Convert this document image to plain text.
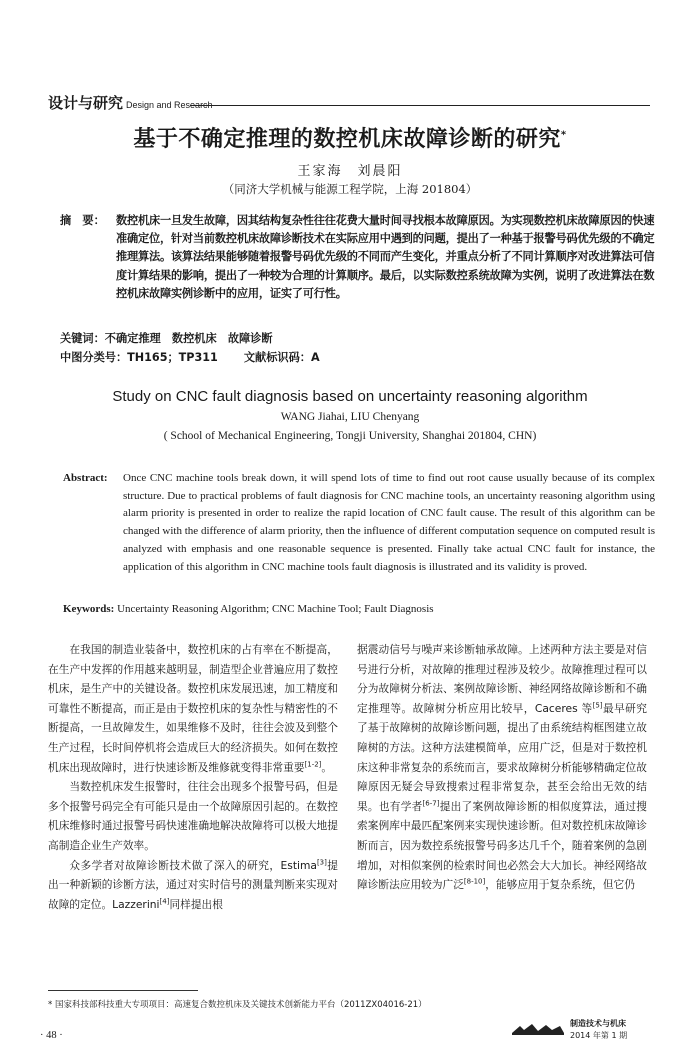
设计与研究 Design and Research
基于不确定推理的数控机床故障诊断的研究*
王家海　刘晨阳
（同济大学机械与能源工程学院，上海 201804）
摘　要：	数控机床一旦发生故障，因其结构复杂性往往花费大量时间寻找根本故障原因。为实现数控机床故障原因的快速准确定位，针对当前数控机床故障诊断技术在实际应用中遇到的问题，提出了一种基于报警号码优先级的不确定推理算法。该算法结果能够随着报警号码优先级的不同而产生变化，并重点分析了不同计算顺序对改进算法可信度计算结果的影响，提出了一种较为合理的计算顺序。最后，以实际数控系统故障为实例，说明了改进算法在数控机床故障实例诊断中的应用，证实了可行性。
关键词：不确定推理　数控机床　故障诊断
中图分类号：TH165；TP311 文献标识码：A
Study on CNC fault diagnosis based on uncertainty reasoning algorithm
WANG Jiahai, LIU Chenyang
( School of Mechanical Engineering, Tongji University, Shanghai 201804, CHN)
Abstract:	Once CNC machine tools break down, it will spend lots of time to find out root cause usually because of its complex structure. Due to practical problems of fault diagnosis for CNC machine tools, an uncertainty reasoning algorithm using alarm priority is presented in order to realize the rapid location of CNC fault cause. The result of this algorithm can be changed with the difference of alarm priority, then the influence of different computation sequence on computed result is analyzed with emphasis and one reasonable sequence is presented. Finally take actual CNC fault for instance, the application of this algorithm in CNC machine tools fault diagnosis is illustrated and its validity is proved.
Keywords: Uncertainty Reasoning Algorithm; CNC Machine Tool; Fault Diagnosis

在我国的制造业装备中，数控机床的占有率在不断提高，在生产中发挥的作用越来越明显，制造型企业普遍应用了数控机床，是生产中的关键设备。数控机床发展迅速，加工精度和可靠性不断提高，而正是由于数控机床的复杂性与精密性的不断提高，一旦故障发生，如果维修不及时，往往会波及到整个生产过程，长时间停机将会造成巨大的经济损失。如何在数控机床出现故障时，进行快速诊断及维修就变得非常重要[1-2]。

当数控机床发生报警时，往往会出现多个报警号码，但是多个报警号码完全有可能只是由一个故障原因引起的。在数控机床维修时通过报警号码快速准确地解决故障将可以极大地提高制造企业生产效率。

众多学者对故障诊断技术做了深入的研究，Estima[3]提出一种新颖的诊断方法，通过对实时信号的测量判断来实现对故障的定位。Lazzerini[4]同样提出根

据震动信号与噪声来诊断轴承故障。上述两种方法主要是对信号进行分析，对故障的推理过程涉及较少。故障推理过程可以分为故障树分析法、案例故障诊断、神经网络故障诊断和不确定推理等。故障树分析应用比较早，Caceres 等[5]最早研究了基于故障树的故障诊断问题，提出了由系统结构框图建立故障树的方法。这种方法建模简单，应用广泛，但是对于数控机床这种非常复杂的系统而言，要求故障树分析能够精确定位故障原因无疑会导致搜索过程非常复杂，甚至会给出无效的结果。也有学者[6-7]提出了案例故障诊断的相似度算法，通过搜索案例库中最匹配案例来实现快速诊断。但对数控机床故障诊断而言，因为数控系统报警号码多达几千个，随着案例的急剧增加，对相似案例的检索时间也必然会大大加长。神经网络故障诊断法应用较为广泛[8-10]，能够应用于复杂系统，但它仍

* 国家科技部科技重大专项项目：高速复合数控机床及关键技术创新能力平台（2011ZX04016-21）
· 48 ·
制造技术与机床
2014 年第 1 期
